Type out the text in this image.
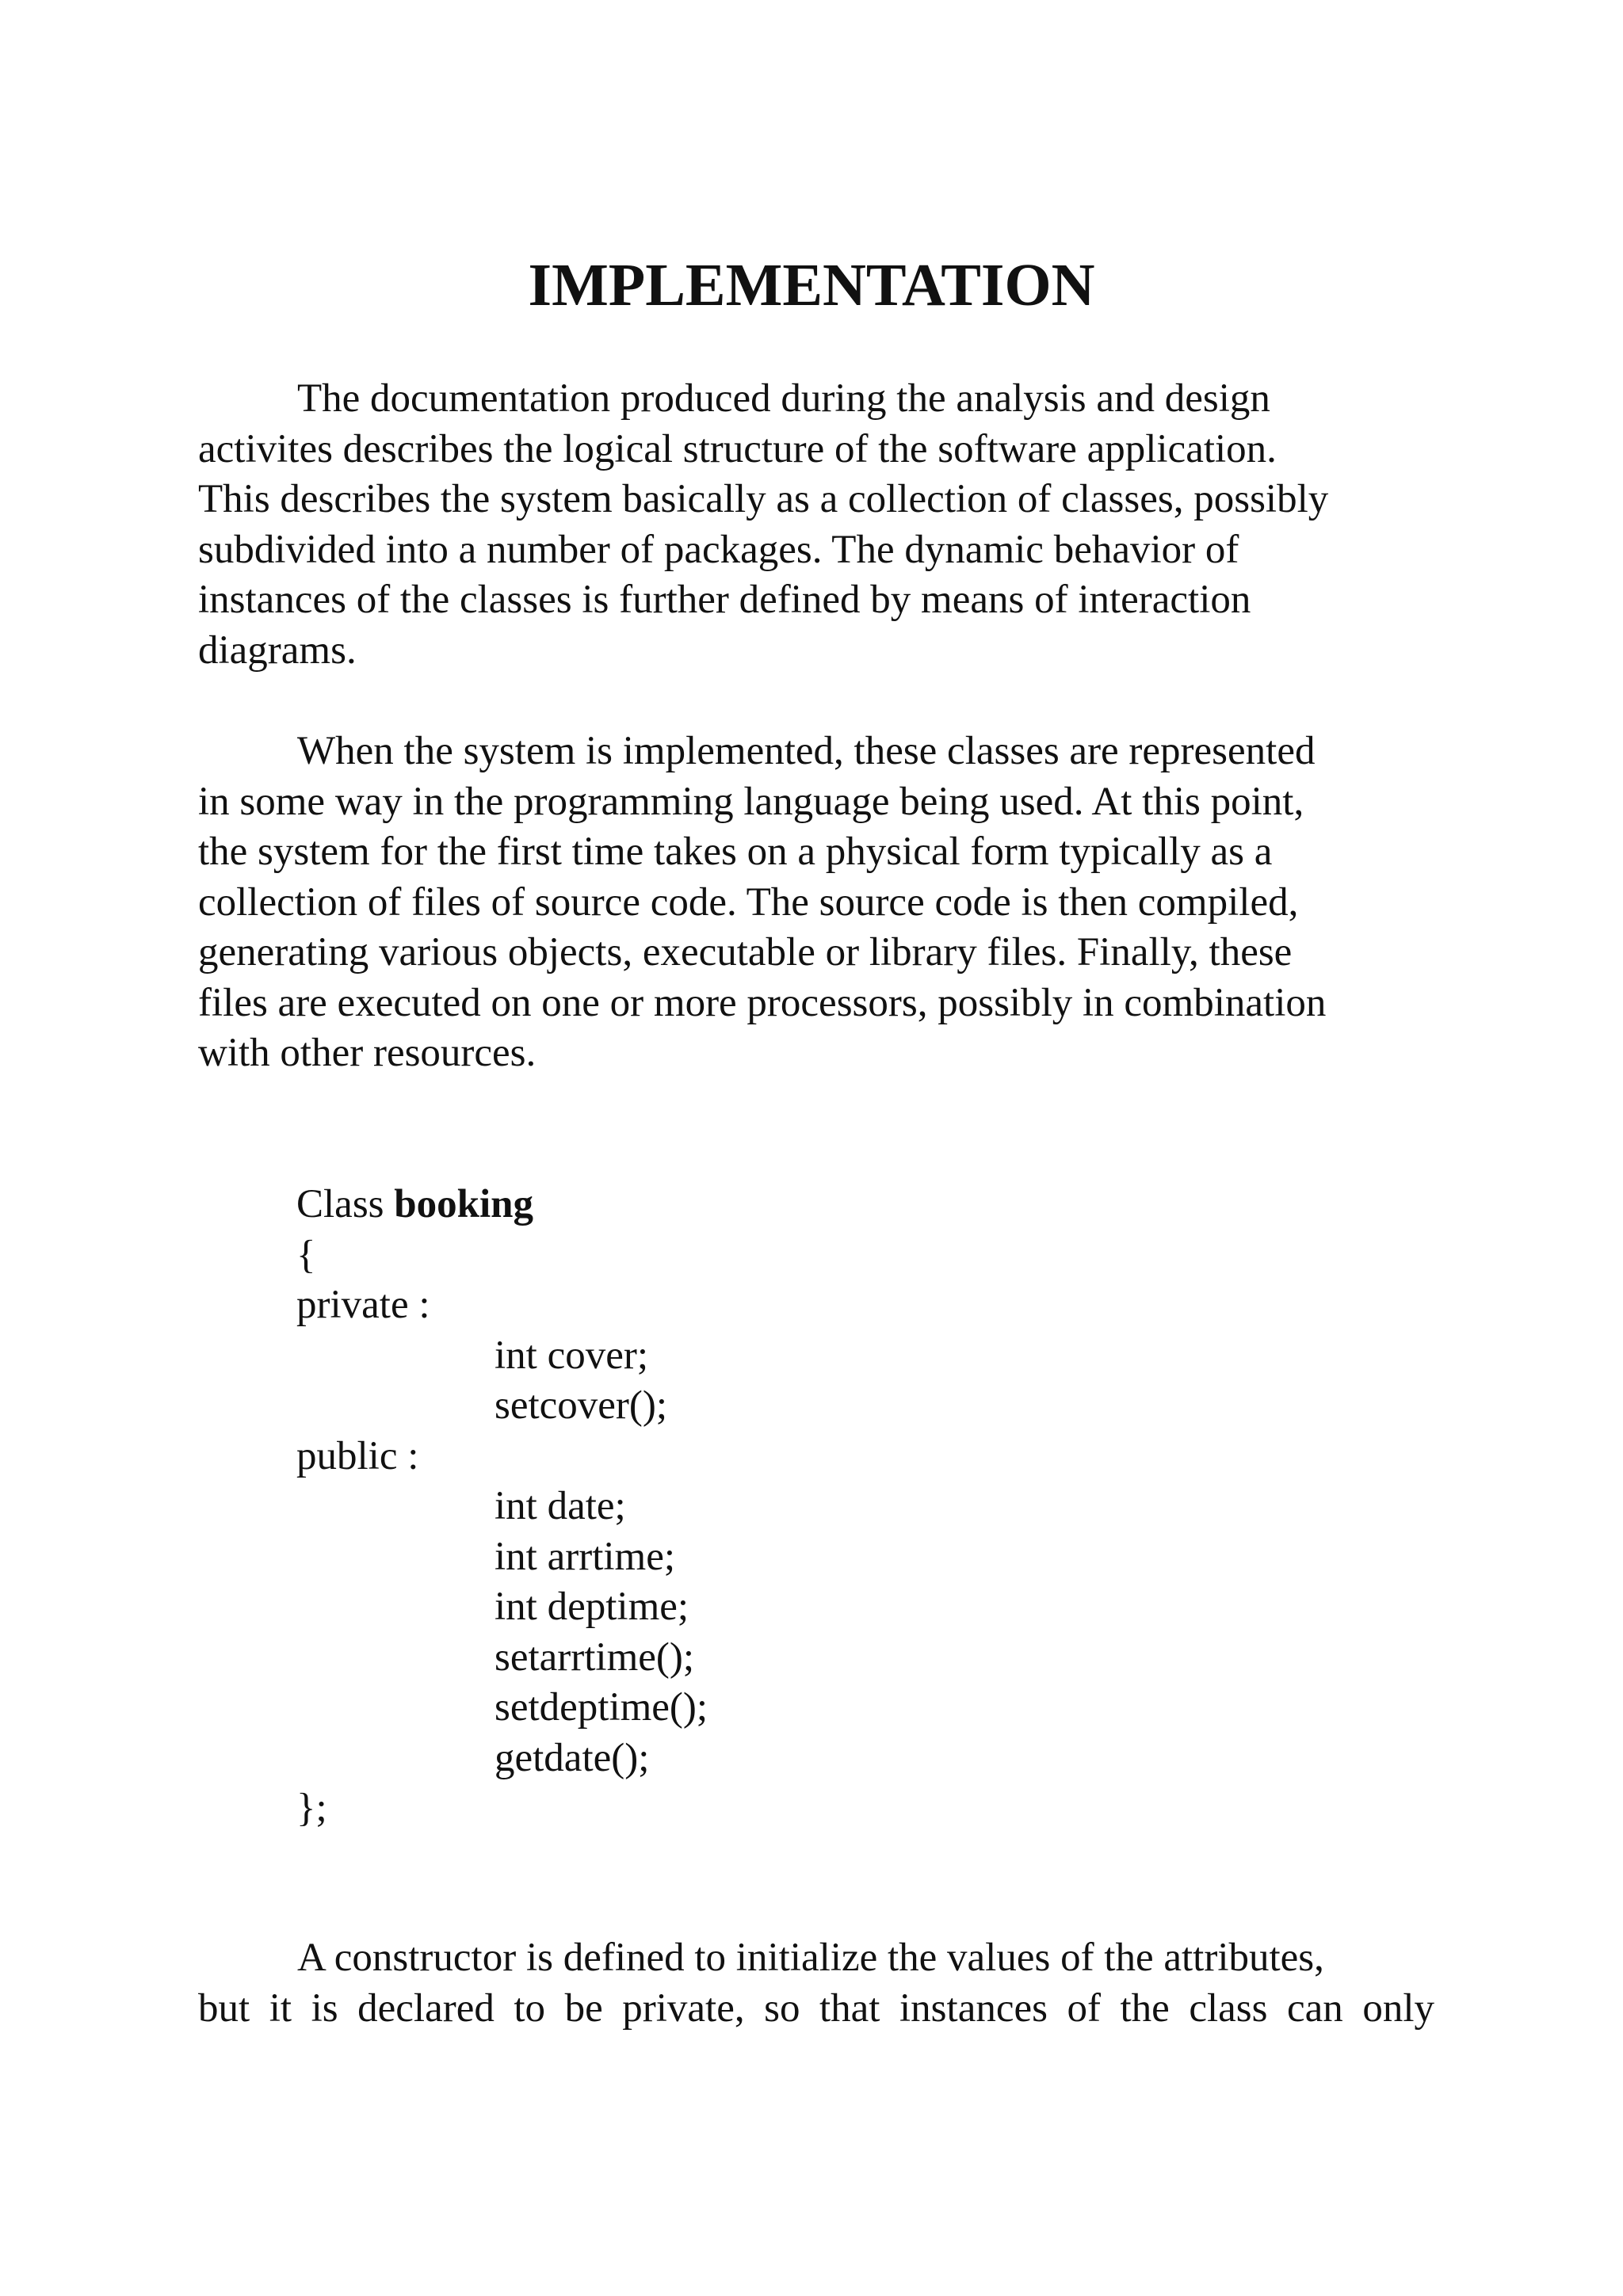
IMPLEMENTATION
The documentation produced during the analysis and design
activites describes the logical structure of the software application.
This describes the system basically as a collection of classes, possibly
subdivided into a number of packages. The dynamic behavior of
instances of the classes is further defined by means of interaction
diagrams.
When the system is implemented, these classes are represented
in some way in the programming language being used. At this point,
the system for the first time takes on a physical form typically as a
collection of files of source code. The source code is then compiled,
generating various objects, executable or library files. Finally, these
files are executed on one or more processors, possibly in combination
with other resources.
Class booking
{
private :
int cover;
setcover();
public :
int date;
int arrtime;
int deptime;
setarrtime();
setdeptime();
getdate();
};
A constructor is defined to initialize the values of the attributes,
but it is declared to be private, so that instances of the class can only
